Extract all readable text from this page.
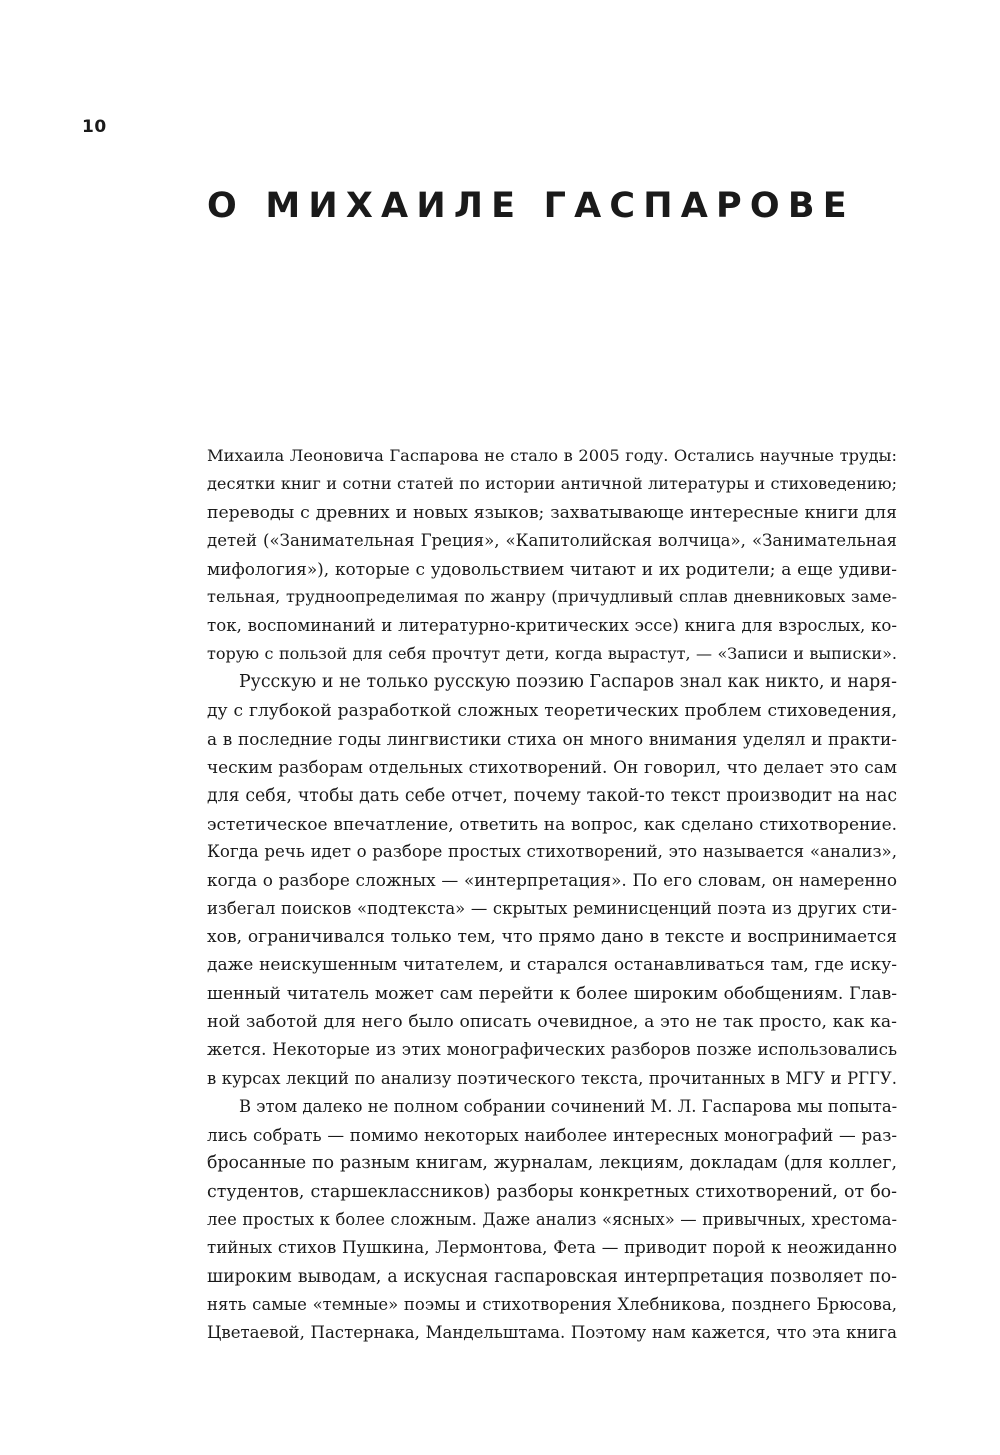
10
О МИХАИЛЕ ГАСПАРОВЕ

Михаила Леоновича Гаспарова не стало в 2005 году. Остались научные труды:
десятки книг и сотни статей по истории античной литературы и стиховедению;
переводы с древних и новых языков; захватывающе интересные книги для
детей («Занимательная Греция», «Капитолийская волчица», «Занимательная
мифология»), которые с удовольствием читают и их родители; а еще удиви-
тельная, трудноопределимая по жанру (причудливый сплав дневниковых заме-
ток, воспоминаний и литературно-критических эссе) книга для взрослых, ко-
торую с пользой для себя прочтут дети, когда вырастут, — «Записи и выписки».

Русскую и не только русскую поэзию Гаспаров знал как никто, и наря-
ду с глубокой разработкой сложных теоретических проблем стиховедения,
а в последние годы лингвистики стиха он много внимания уделял и практи-
ческим разборам отдельных стихотворений. Он говорил, что делает это сам
для себя, чтобы дать себе отчет, почему такой-то текст производит на нас
эстетическое впечатление, ответить на вопрос, как сделано стихотворение.
Когда речь идет о разборе простых стихотворений, это называется «анализ»,
когда о разборе сложных — «интерпретация». По его словам, он намеренно
избегал поисков «подтекста» — скрытых реминисценций поэта из других сти-
хов, ограничивался только тем, что прямо дано в тексте и воспринимается
даже неискушенным читателем, и старался останавливаться там, где иску-
шенный читатель может сам перейти к более широким обобщениям. Глав-
ной заботой для него было описать очевидное, а это не так просто, как ка-
жется. Некоторые из этих монографических разборов позже использовались
в курсах лекций по анализу поэтического текста, прочитанных в МГУ и РГГУ.

В этом далеко не полном собрании сочинений М. Л. Гаспарова мы попыта-
лись собрать — помимо некоторых наиболее интересных монографий — раз-
бросанные по разным книгам, журналам, лекциям, докладам (для коллег,
студентов, старшеклассников) разборы конкретных стихотворений, от бо-
лее простых к более сложным. Даже анализ «ясных» — привычных, хрестома-
тийных стихов Пушкина, Лермонтова, Фета — приводит порой к неожиданно
широким выводам, а искусная гаспаровская интерпретация позволяет по-
нять самые «темные» поэмы и стихотворения Хлебникова, позднего Брюсова,
Цветаевой, Пастернака, Мандельштама. Поэтому нам кажется, что эта книга
